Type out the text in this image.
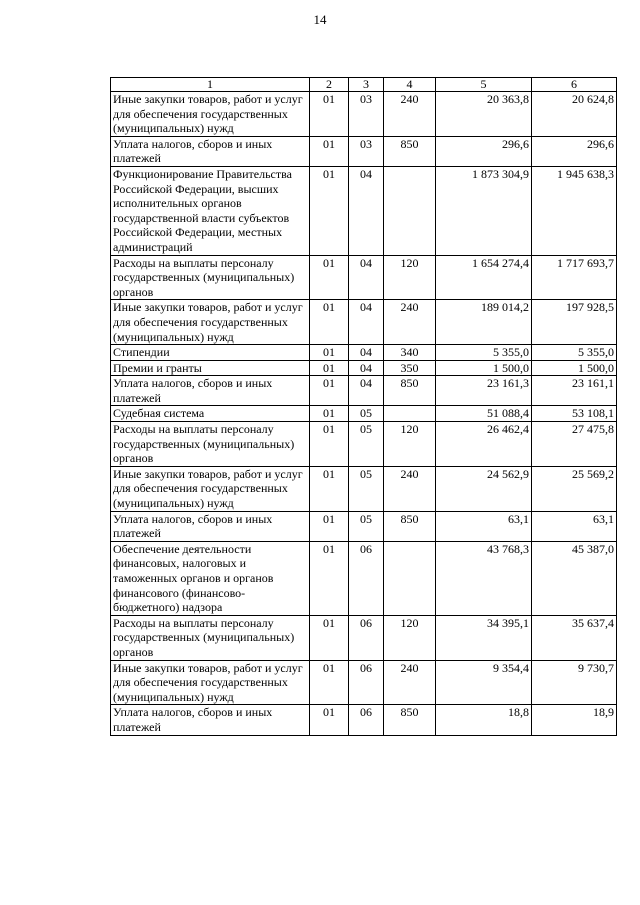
14
1	2	3	4	5	6
Иные закупки товаров, работ и услуг для обеспечения государственных (муниципальных) нужд	01	03	240	20 363,8	20 624,8
Уплата налогов, сборов и иных платежей	01	03	850	296,6	296,6
Функционирование Правительства Российской Федерации, высших исполнительных органов государственной власти субъектов Российской Федерации, местных администраций	01	04		1 873 304,9	1 945 638,3
Расходы на выплаты персоналу государственных (муниципальных) органов	01	04	120	1 654 274,4	1 717 693,7
Иные закупки товаров, работ и услуг для обеспечения государственных (муниципальных) нужд	01	04	240	189 014,2	197 928,5
Стипендии	01	04	340	5 355,0	5 355,0
Премии и гранты	01	04	350	1 500,0	1 500,0
Уплата налогов, сборов и иных платежей	01	04	850	23 161,3	23 161,1
Судебная система	01	05		51 088,4	53 108,1
Расходы на выплаты персоналу государственных (муниципальных) органов	01	05	120	26 462,4	27 475,8
Иные закупки товаров, работ и услуг для обеспечения государственных (муниципальных) нужд	01	05	240	24 562,9	25 569,2
Уплата налогов, сборов и иных платежей	01	05	850	63,1	63,1
Обеспечение деятельности финансовых, налоговых и таможенных органов и органов финансового (финансово-бюджетного) надзора	01	06		43 768,3	45 387,0
Расходы на выплаты персоналу государственных (муниципальных) органов	01	06	120	34 395,1	35 637,4
Иные закупки товаров, работ и услуг для обеспечения государственных (муниципальных) нужд	01	06	240	9 354,4	9 730,7
Уплата налогов, сборов и иных платежей	01	06	850	18,8	18,9
